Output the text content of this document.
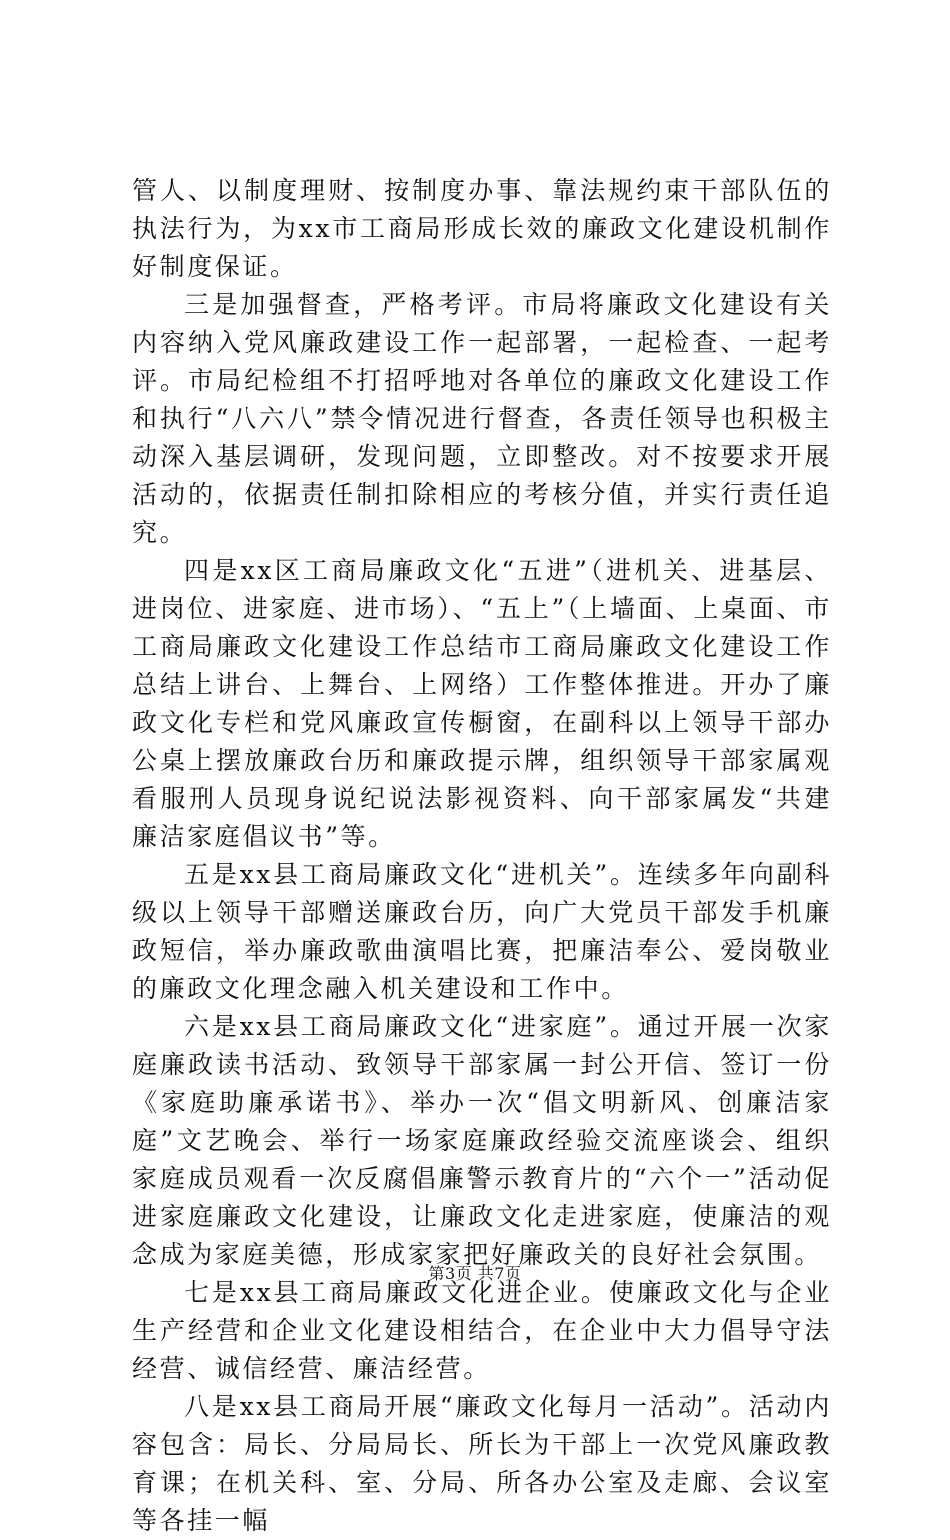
管人、以制度理财、按制度办事、靠法规约束干部队伍的执法行为，为xx市工商局形成长效的廉政文化建设机制作好制度保证。

三是加强督查，严格考评。市局将廉政文化建设有关内容纳入党风廉政建设工作一起部署，一起检查、一起考评。市局纪检组不打招呼地对各单位的廉政文化建设工作和执行“八六八”禁令情况进行督查，各责任领导也积极主动深入基层调研，发现问题，立即整改。对不按要求开展活动的，依据责任制扣除相应的考核分值，并实行责任追究。

四是xx区工商局廉政文化“五进”（进机关、进基层、进岗位、进家庭、进市场）、“五上”（上墙面、上桌面、市工商局廉政文化建设工作总结市工商局廉政文化建设工作总结上讲台、上舞台、上网络）工作整体推进。开办了廉政文化专栏和党风廉政宣传橱窗，在副科以上领导干部办公桌上摆放廉政台历和廉政提示牌，组织领导干部家属观看服刑人员现身说纪说法影视资料、向干部家属发“共建廉洁家庭倡议书”等。

五是xx县工商局廉政文化“进机关”。连续多年向副科级以上领导干部赠送廉政台历，向广大党员干部发手机廉政短信，举办廉政歌曲演唱比赛，把廉洁奉公、爱岗敬业的廉政文化理念融入机关建设和工作中。

六是xx县工商局廉政文化“进家庭”。通过开展一次家庭廉政读书活动、致领导干部家属一封公开信、签订一份《家庭助廉承诺书》、举办一次“倡文明新风、创廉洁家庭”文艺晚会、举行一场家庭廉政经验交流座谈会、组织家庭成员观看一次反腐倡廉警示教育片的“六个一”活动促进家庭廉政文化建设，让廉政文化走进家庭，使廉洁的观念成为家庭美德，形成家家把好廉政关的良好社会氛围。

七是xx县工商局廉政文化进企业。使廉政文化与企业生产经营和企业文化建设相结合，在企业中大力倡导守法经营、诚信经营、廉洁经营。

八是xx县工商局开展“廉政文化每月一活动”。活动内容包含：局长、分局局长、所长为干部上一次党风廉政教育课；在机关科、室、分局、所各办公室及走廊、会议室等各挂一幅

第3页 共7页
